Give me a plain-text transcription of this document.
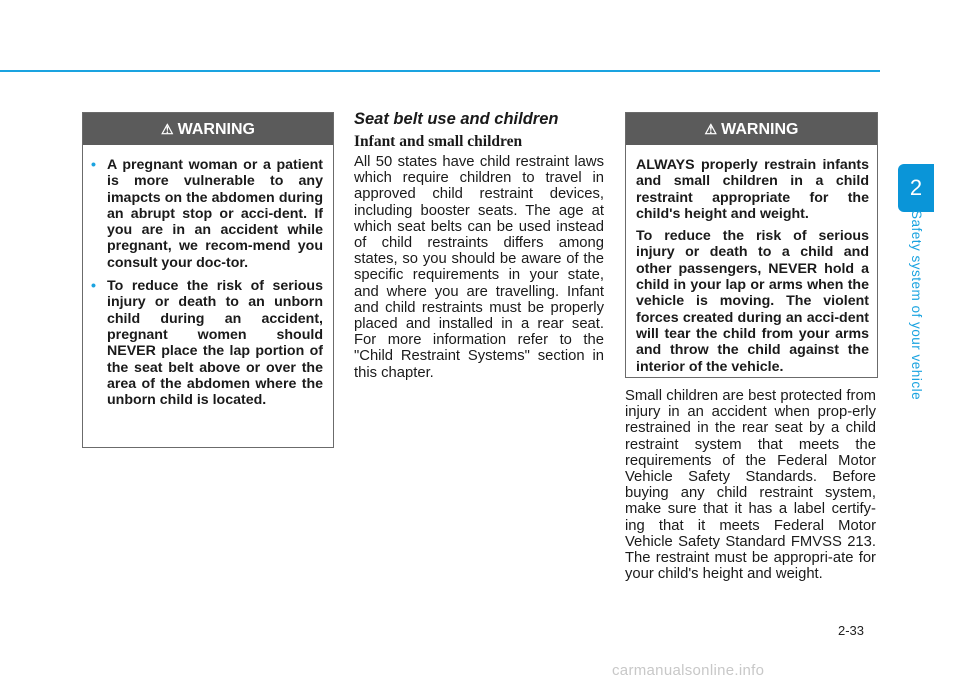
2
Safety system of your vehicle
⚠ WARNING
• A pregnant woman or a patient is more vulnerable to any imapcts on the abdomen during an abrupt stop or acci-dent. If you are in an accident while pregnant, we recom-mend you consult your doc-tor.
• To reduce the risk of serious injury or death to an unborn child during an accident, pregnant women should NEVER place the lap portion of the seat belt above or over the area of the abdomen where the unborn child is located.
Seat belt use and children
Infant and small children
All 50 states have child restraint laws which require children to travel in approved child restraint devices, including booster seats. The age at which seat belts can be used instead of child restraints differs among states, so you should be aware of the specific requirements in your state, and where you are travelling. Infant and child restraints must be properly placed and installed in a rear seat. For more information refer to the "Child Restraint Systems" section in this chapter.
⚠ WARNING

ALWAYS properly restrain infants and small children in a child restraint appropriate for the child's height and weight.

To reduce the risk of serious injury or death to a child and other passengers, NEVER hold a child in your lap or arms when the vehicle is moving. The violent forces created during an acci-dent will tear the child from your arms and throw the child against the interior of the vehicle.

Small children are best protected from injury in an accident when prop-erly restrained in the rear seat by a child restraint system that meets the requirements of the Federal Motor Vehicle Safety Standards. Before buying any child restraint system, make sure that it has a label certify-ing that it meets Federal Motor Vehicle Safety Standard FMVSS 213. The restraint must be appropri-ate for your child's height and weight.
2-33
carmanualsonline.info
